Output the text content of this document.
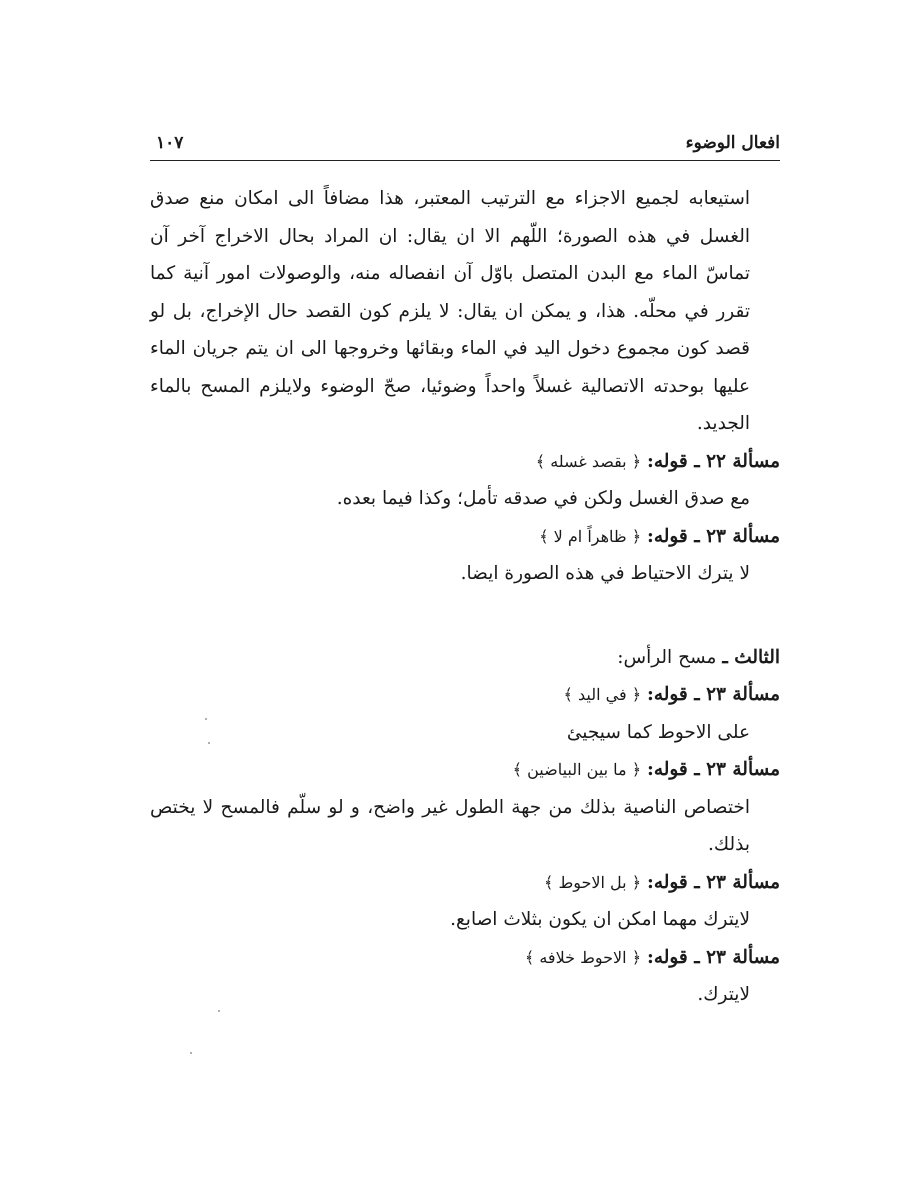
افعال الوضوء
۱۰۷

استيعابه لجميع الاجزاء مع الترتيب المعتبر، هذا مضافاً الى امكان منع صدق الغسل في هذه الصورة؛ اللّهم الا ان يقال: ان المراد بحال الاخراج آخر آن تماسّ الماء مع البدن المتصل باوّل آن انفصاله منه، والوصولات امور آنية كما تقرر في محلّه. هذا، و يمكن ان يقال: لا يلزم كون القصد حال الإخراج، بل لو قصد كون مجموع دخول اليد في الماء وبقائها وخروجها الى ان يتم جريان الماء عليها بوحدته الاتصالية غسلاً واحداً وضوئيا، صحّ الوضوء ولايلزم المسح بالماء الجديد.

مسألة ۲۲ ـ قوله: ﴿ بقصد غسله ﴾

مع صدق الغسل ولكن في صدقه تأمل؛ وكذا فيما بعده.

مسألة ۲۳ ـ قوله: ﴿ ظاهراً ام لا ﴾

لا يترك الاحتياط في هذه الصورة ايضا.

الثالث ـ مسح الرأس:

مسألة ۲۳ ـ قوله: ﴿ في اليد ﴾

على الاحوط كما سيجيئ

مسألة ۲۳ ـ قوله: ﴿ ما بين البياضين ﴾

اختصاص الناصية بذلك من جهة الطول غير واضح، و لو سلّم فالمسح لا يختص بذلك.

مسألة ۲۳ ـ قوله: ﴿ بل الاحوط ﴾

لايترك مهما امكن ان يكون بثلاث اصابع.

مسألة ۲۳ ـ قوله: ﴿ الاحوط خلافه ﴾

لايترك.
